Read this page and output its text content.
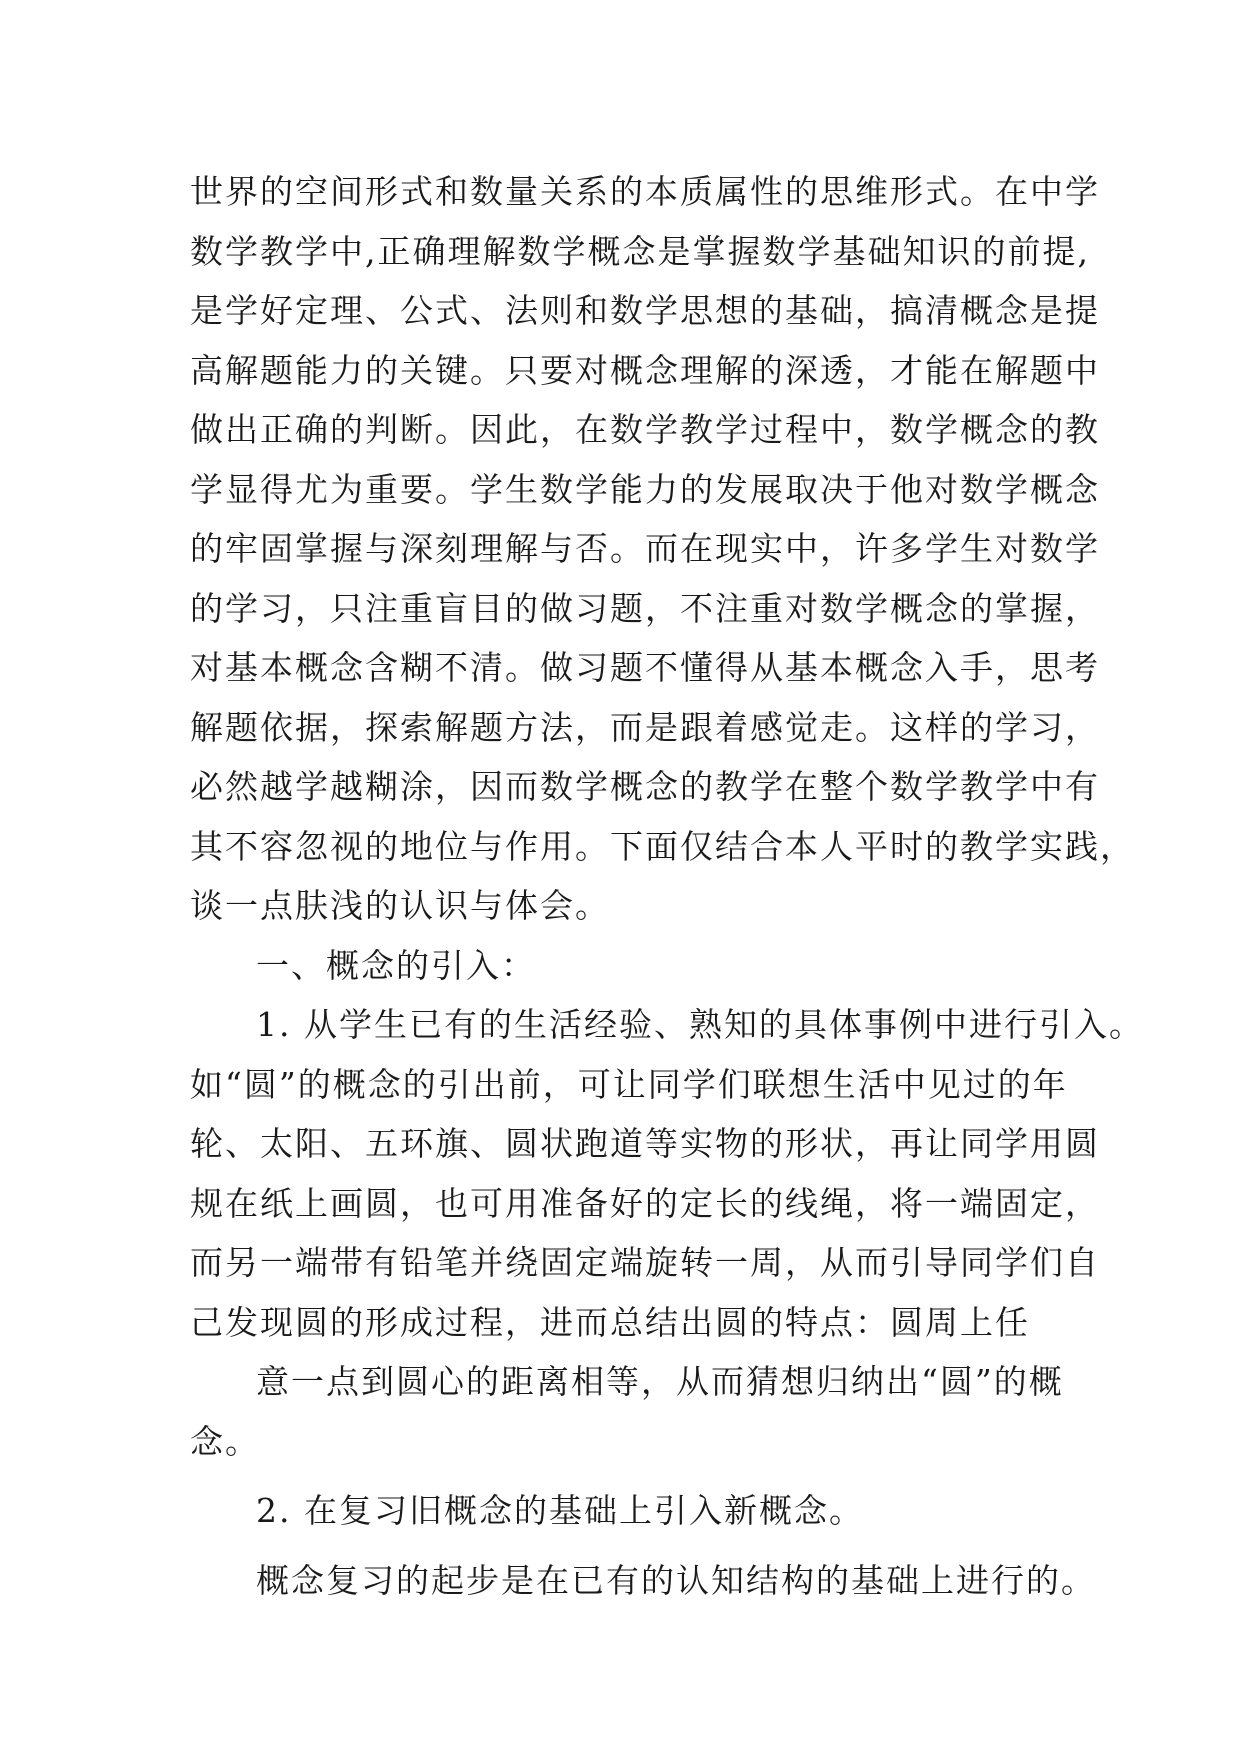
世界的空间形式和数量关系的本质属性的思维形式。在中学
数学教学中,正确理解数学概念是掌握数学基础知识的前提,
是学好定理、公式、法则和数学思想的基础，搞清概念是提
高解题能力的关键。只要对概念理解的深透，才能在解题中
做出正确的判断。因此，在数学教学过程中，数学概念的教
学显得尤为重要。学生数学能力的发展取决于他对数学概念
的牢固掌握与深刻理解与否。而在现实中，许多学生对数学
的学习，只注重盲目的做习题，不注重对数学概念的掌握，
对基本概念含糊不清。做习题不懂得从基本概念入手，思考
解题依据，探索解题方法，而是跟着感觉走。这样的学习，
必然越学越糊涂，因而数学概念的教学在整个数学教学中有
其不容忽视的地位与作用。下面仅结合本人平时的教学实践，
谈一点肤浅的认识与体会。
一、概念的引入：
1. 从学生已有的生活经验、熟知的具体事例中进行引入。
如“圆”的概念的引出前，可让同学们联想生活中见过的年
轮、太阳、五环旗、圆状跑道等实物的形状，再让同学用圆
规在纸上画圆，也可用准备好的定长的线绳，将一端固定，
而另一端带有铅笔并绕固定端旋转一周，从而引导同学们自
己发现圆的形成过程，进而总结出圆的特点：圆周上任
意一点到圆心的距离相等，从而猜想归纳出“圆”的概
念。
2. 在复习旧概念的基础上引入新概念。
概念复习的起步是在已有的认知结构的基础上进行的。
